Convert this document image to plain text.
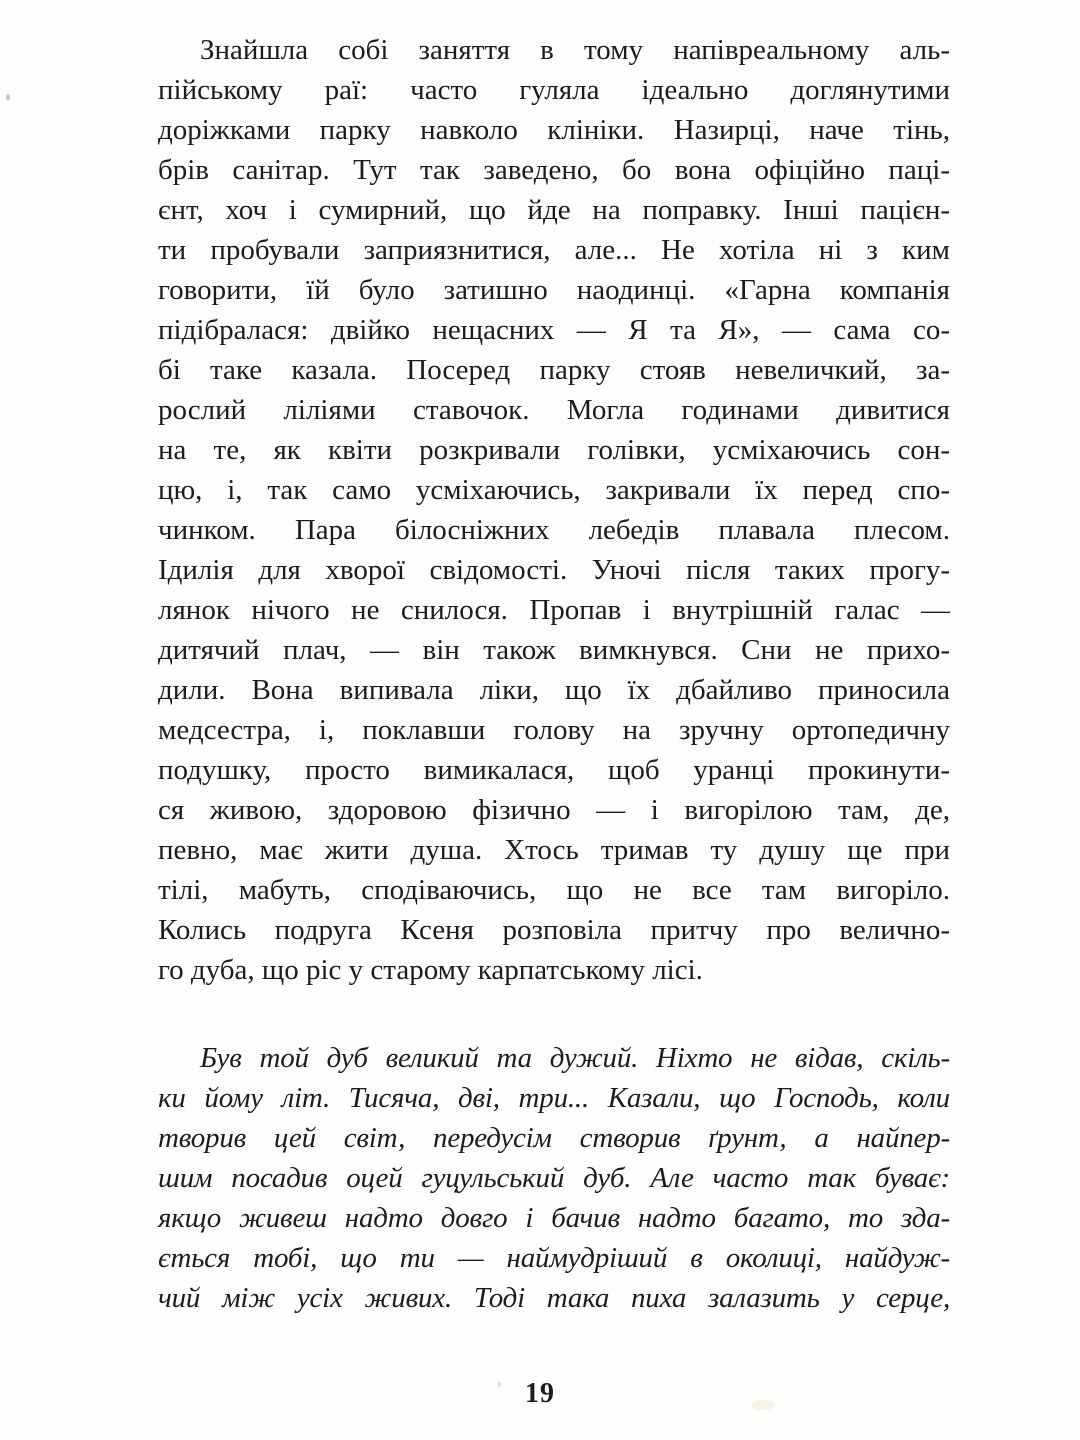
Знайшла собі заняття в тому напівреальному аль-
пійському раї: часто гуляла ідеально доглянутими
доріжками парку навколо клініки. Назирці, наче тінь,
брів санітар. Тут так заведено, бо вона офіційно паці-
єнт, хоч і сумирний, що йде на поправку. Інші пацієн-
ти пробували заприязнитися, але... Не хотіла ні з ким
говорити, їй було затишно наодинці. «Гарна компанія
підібралася: двійко нещасних — Я та Я», — сама со-
бі таке казала. Посеред парку стояв невеличкий, за-
рослий ліліями ставочок. Могла годинами дивитися
на те, як квіти розкривали голівки, усміхаючись сон-
цю, і, так само усміхаючись, закривали їх перед спо-
чинком. Пара білосніжних лебедів плавала плесом.
Ідилія для хворої свідомості. Уночі після таких прогу-
лянок нічого не снилося. Пропав і внутрішній галас —
дитячий плач, — він також вимкнувся. Сни не прихо-
дили. Вона випивала ліки, що їх дбайливо приносила
медсестра, і, поклавши голову на зручну ортопедичну
подушку, просто вимикалася, щоб уранці прокинути-
ся живою, здоровою фізично — і вигорілою там, де,
певно, має жити душа. Хтось тримав ту душу ще при
тілі, мабуть, сподіваючись, що не все там вигоріло.
Колись подруга Ксеня розповіла притчу про велично-
го дуба, що ріс у старому карпатському лісі.
Був той дуб великий та дужий. Ніхто не відав, скіль-
ки йому літ. Тисяча, дві, три... Казали, що Господь, коли
творив цей світ, передусім створив ґрунт, а найпер-
шим посадив оцей гуцульський дуб. Але часто так буває:
якщо живеш надто довго і бачив надто багато, то зда-
ється тобі, що ти — наймудріший в околиці, найдуж-
чий між усіх живих. Тоді така пиха залазить у серце,
19
